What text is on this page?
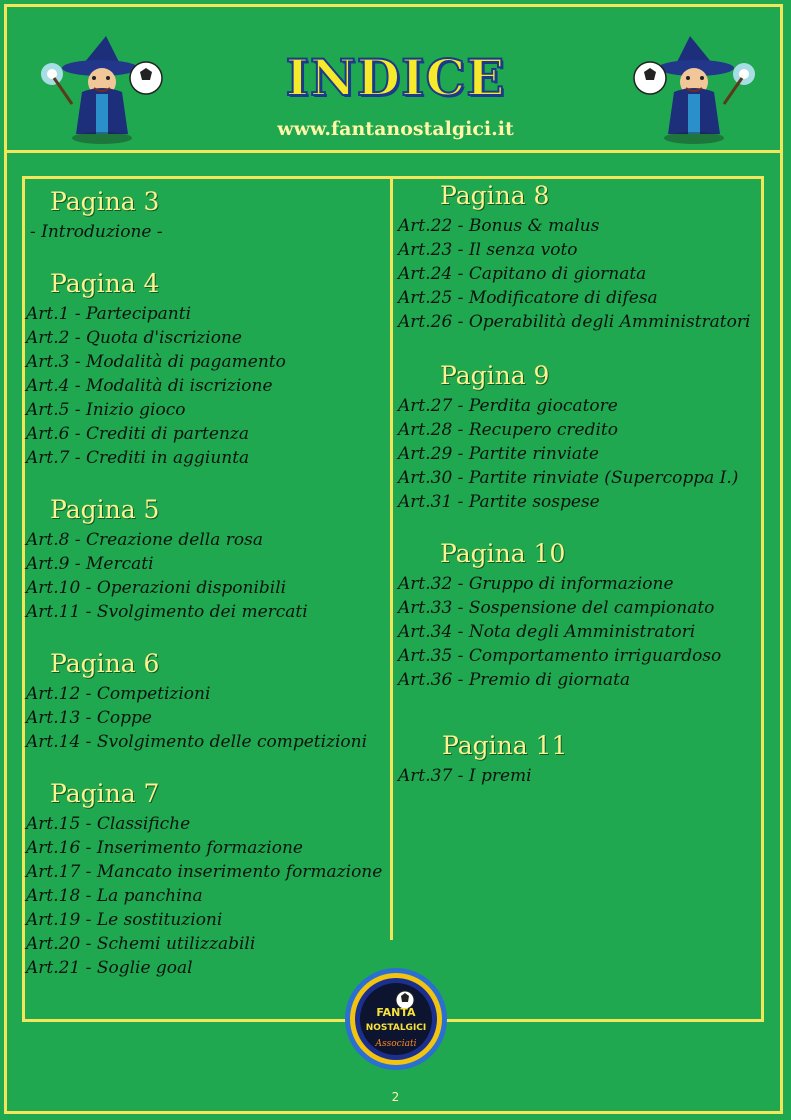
INDICE
www.fantanostalgici.it
Pagina 3
- Introduzione -
Pagina 4
Art.1 - Partecipanti
Art.2 - Quota d'iscrizione
Art.3 - Modalità di pagamento
Art.4 - Modalità di iscrizione
Art.5 - Inizio gioco
Art.6 - Crediti di partenza
Art.7 - Crediti in aggiunta
Pagina 5
Art.8 - Creazione della rosa
Art.9 - Mercati
Art.10 - Operazioni disponibili
Art.11 - Svolgimento dei mercati
Pagina 6
Art.12 - Competizioni
Art.13 - Coppe
Art.14 - Svolgimento delle competizioni
Pagina 7
Art.15 - Classifiche
Art.16 - Inserimento formazione
Art.17 - Mancato inserimento formazione
Art.18 - La panchina
Art.19 - Le sostituzioni
Art.20 - Schemi utilizzabili
Art.21 - Soglie goal
Pagina 8
Art.22 - Bonus & malus
Art.23 - Il senza voto
Art.24 - Capitano di giornata
Art.25 - Modificatore di difesa
Art.26 - Operabilità degli Amministratori
Pagina 9
Art.27 - Perdita giocatore
Art.28 - Recupero credito
Art.29 - Partite rinviate
Art.30 - Partite rinviate (Supercoppa I.)
Art.31 - Partite sospese
Pagina 10
Art.32 - Gruppo di informazione
Art.33 - Sospensione del campionato
Art.34 - Nota degli Amministratori
Art.35 - Comportamento irriguardoso
Art.36 - Premio di giornata
Pagina 11
Art.37 - I premi
FANTA
NOSTALGICI
Associati
2
